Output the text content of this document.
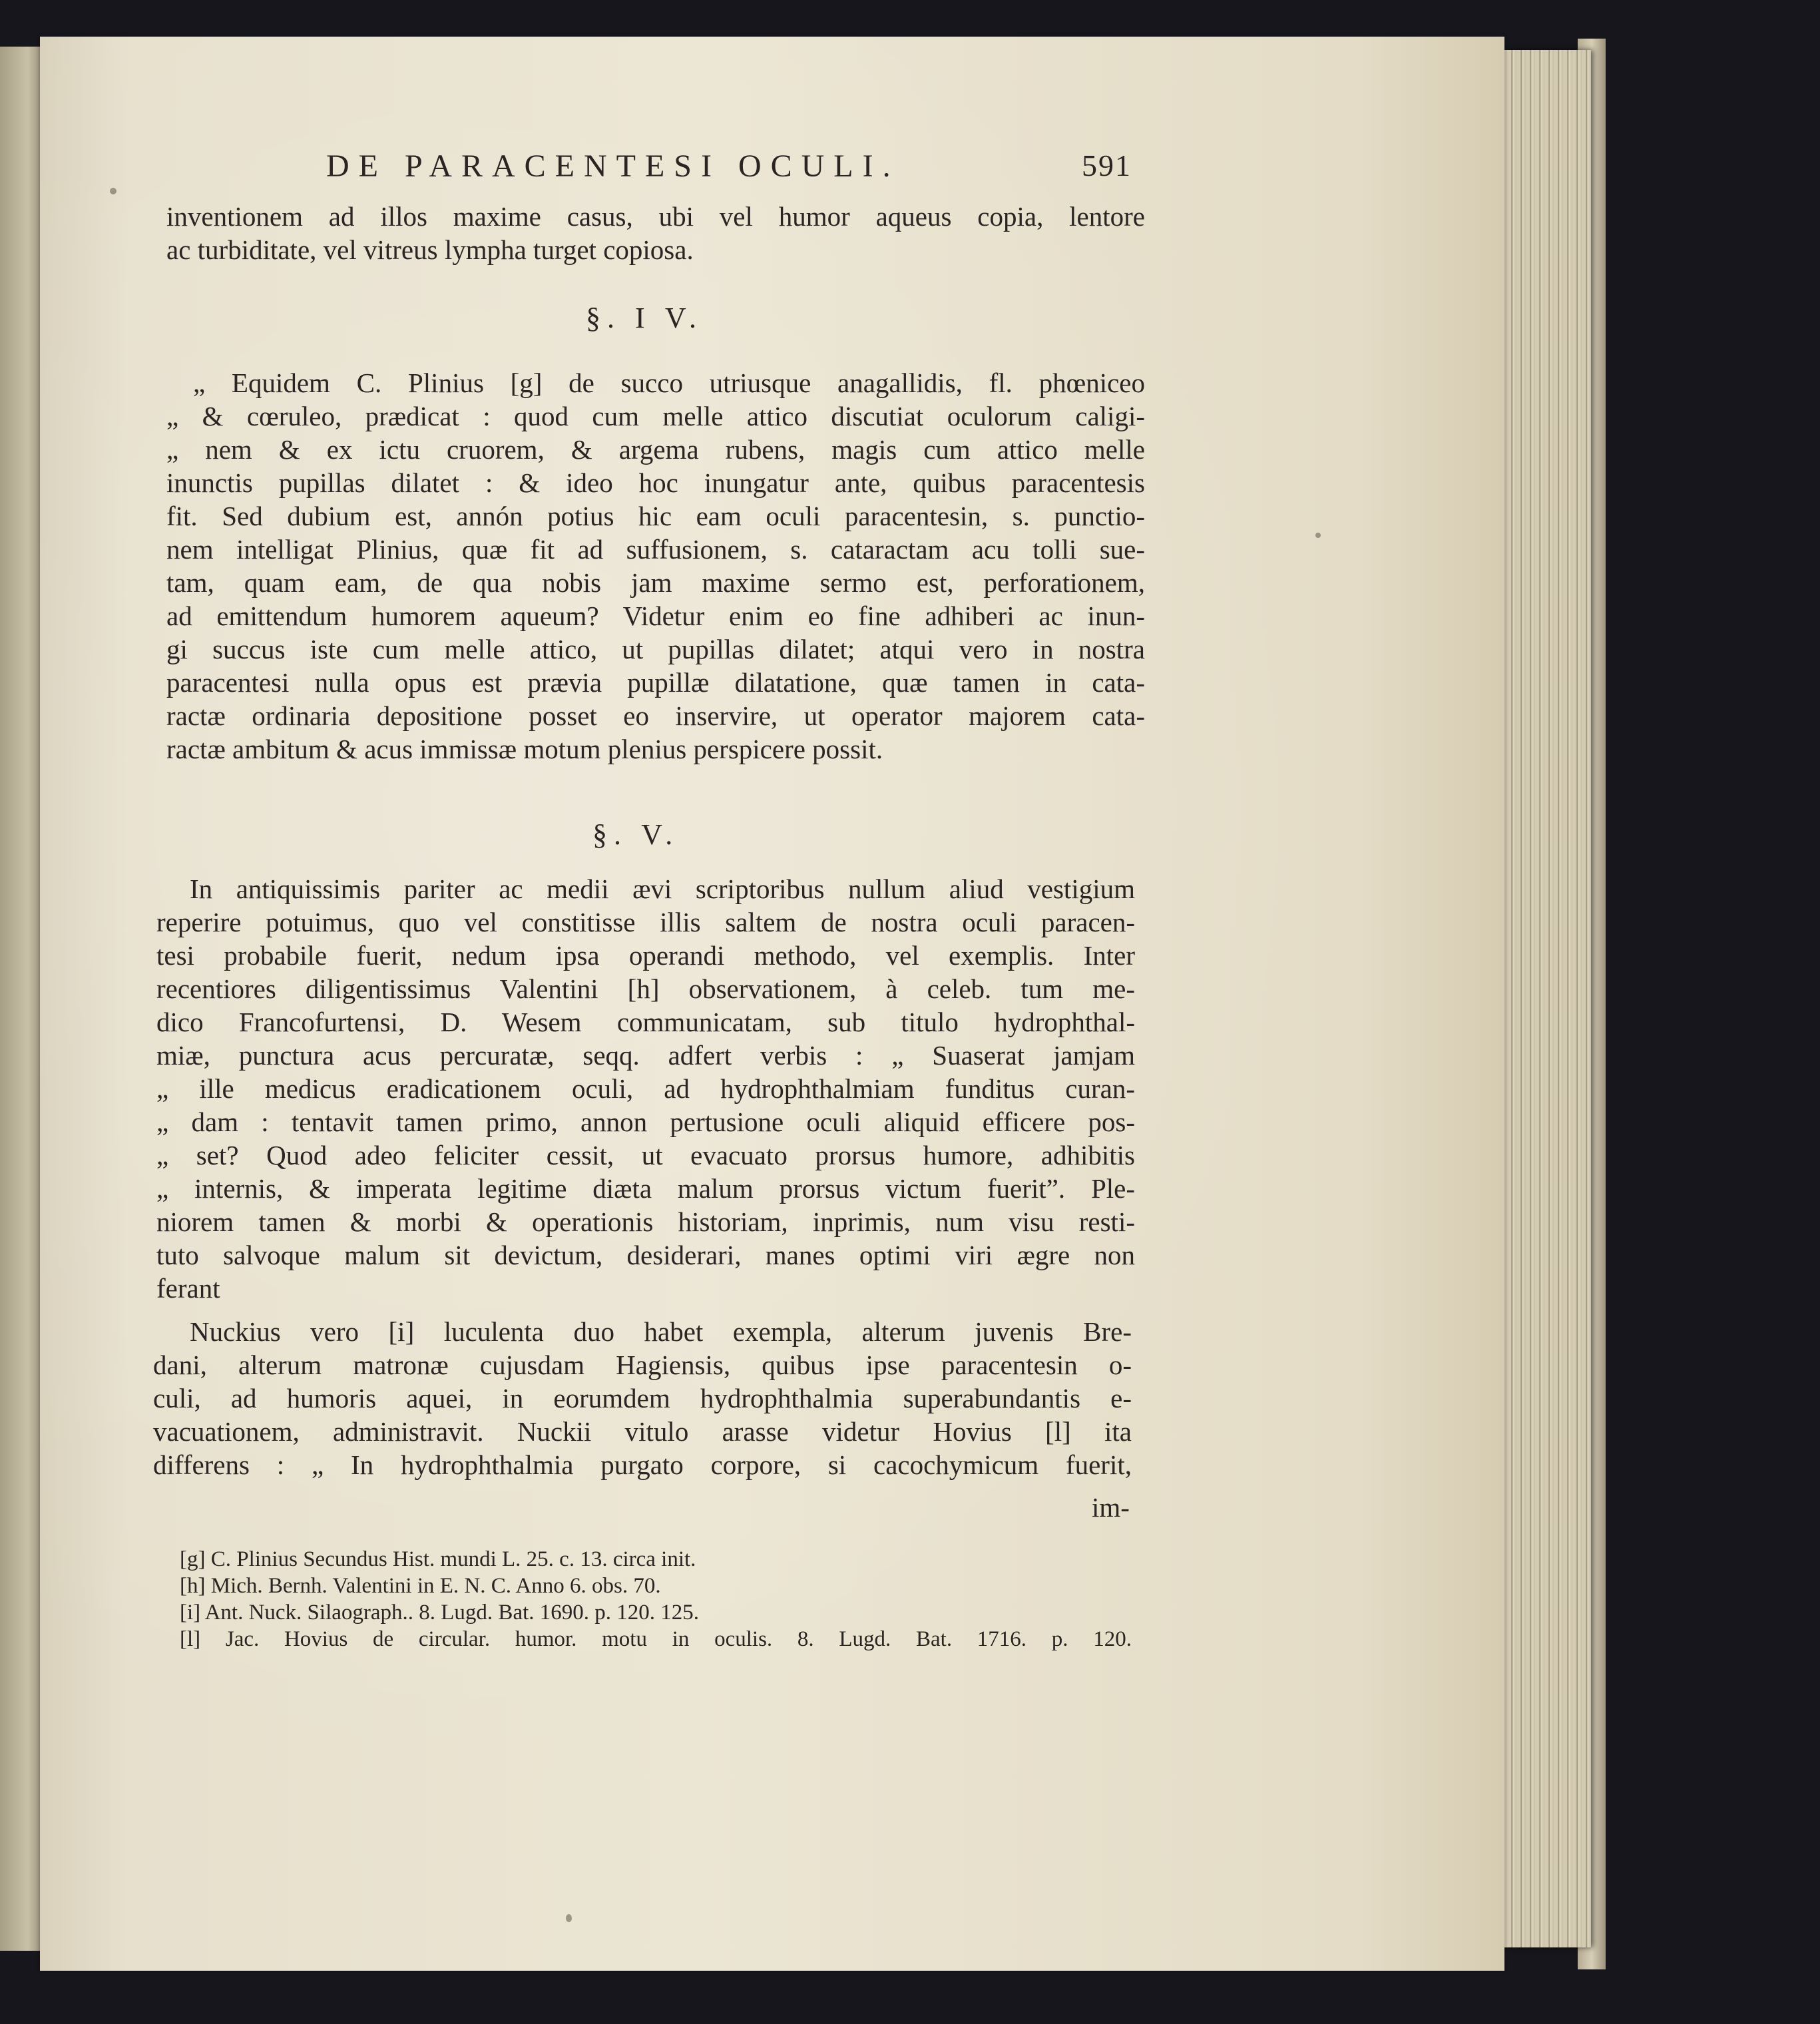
DE PARACENTESI OCULI.	591
inventionem ad illos maxime casus, ubi vel humor aqueus copia, lentore
ac turbiditate, vel vitreus lympha turget copiosa.
§. I V.
„ Equidem C. Plinius [g] de succo utriusque anagallidis, fl. phœniceo
„ & cœruleo, prædicat : quod cum melle attico discutiat oculorum caligi-
„ nem & ex ictu cruorem, & argema rubens, magis cum attico melle
inunctis pupillas dilatet : & ideo hoc inungatur ante, quibus paracentesis
fit. Sed dubium est, annón potius hic eam oculi paracentesin, s. punctio-
nem intelligat Plinius, quæ fit ad suffusionem, s. cataractam acu tolli sue-
tam, quam eam, de qua nobis jam maxime sermo est, perforationem,
ad emittendum humorem aqueum? Videtur enim eo fine adhiberi ac inun-
gi succus iste cum melle attico, ut pupillas dilatet; atqui vero in nostra
paracentesi nulla opus est prævia pupillæ dilatatione, quæ tamen in cata-
ractæ ordinaria depositione posset eo inservire, ut operator majorem cata-
ractæ ambitum & acus immissæ motum plenius perspicere possit.
§. V.
In antiquissimis pariter ac medii ævi scriptoribus nullum aliud vestigium
reperire potuimus, quo vel constitisse illis saltem de nostra oculi paracen-
tesi probabile fuerit, nedum ipsa operandi methodo, vel exemplis. Inter
recentiores diligentissimus Valentini [h] observationem, à celeb. tum me-
dico Francofurtensi, D. Wesem communicatam, sub titulo hydrophthal-
miæ, punctura acus percuratæ, seqq. adfert verbis : „ Suaserat jamjam
„ ille medicus eradicationem oculi, ad hydrophthalmiam funditus curan-
„ dam : tentavit tamen primo, annon pertusione oculi aliquid efficere pos-
„ set? Quod adeo feliciter cessit, ut evacuato prorsus humore, adhibitis
„ internis, & imperata legitime diæta malum prorsus victum fuerit”. Ple-
niorem tamen & morbi & operationis historiam, inprimis, num visu resti-
tuto salvoque malum sit devictum, desiderari, manes optimi viri ægre non
ferant
Nuckius vero [i] luculenta duo habet exempla, alterum juvenis Bre-
dani, alterum matronæ cujusdam Hagiensis, quibus ipse paracentesin o-
culi, ad humoris aquei, in eorumdem hydrophthalmia superabundantis e-
vacuationem, administravit. Nuckii vitulo arasse videtur Hovius [l] ita
differens : „ In hydrophthalmia purgato corpore, si cacochymicum fuerit,
im-
[g] C. Plinius Secundus Hist. mundi L. 25. c. 13. circa init.
[h] Mich. Bernh. Valentini in E. N. C. Anno 6. obs. 70.
[i] Ant. Nuck. Silaograph.. 8. Lugd. Bat. 1690. p. 120. 125.
[l] Jac. Hovius de circular. humor. motu in oculis. 8. Lugd. Bat. 1716. p. 120.
